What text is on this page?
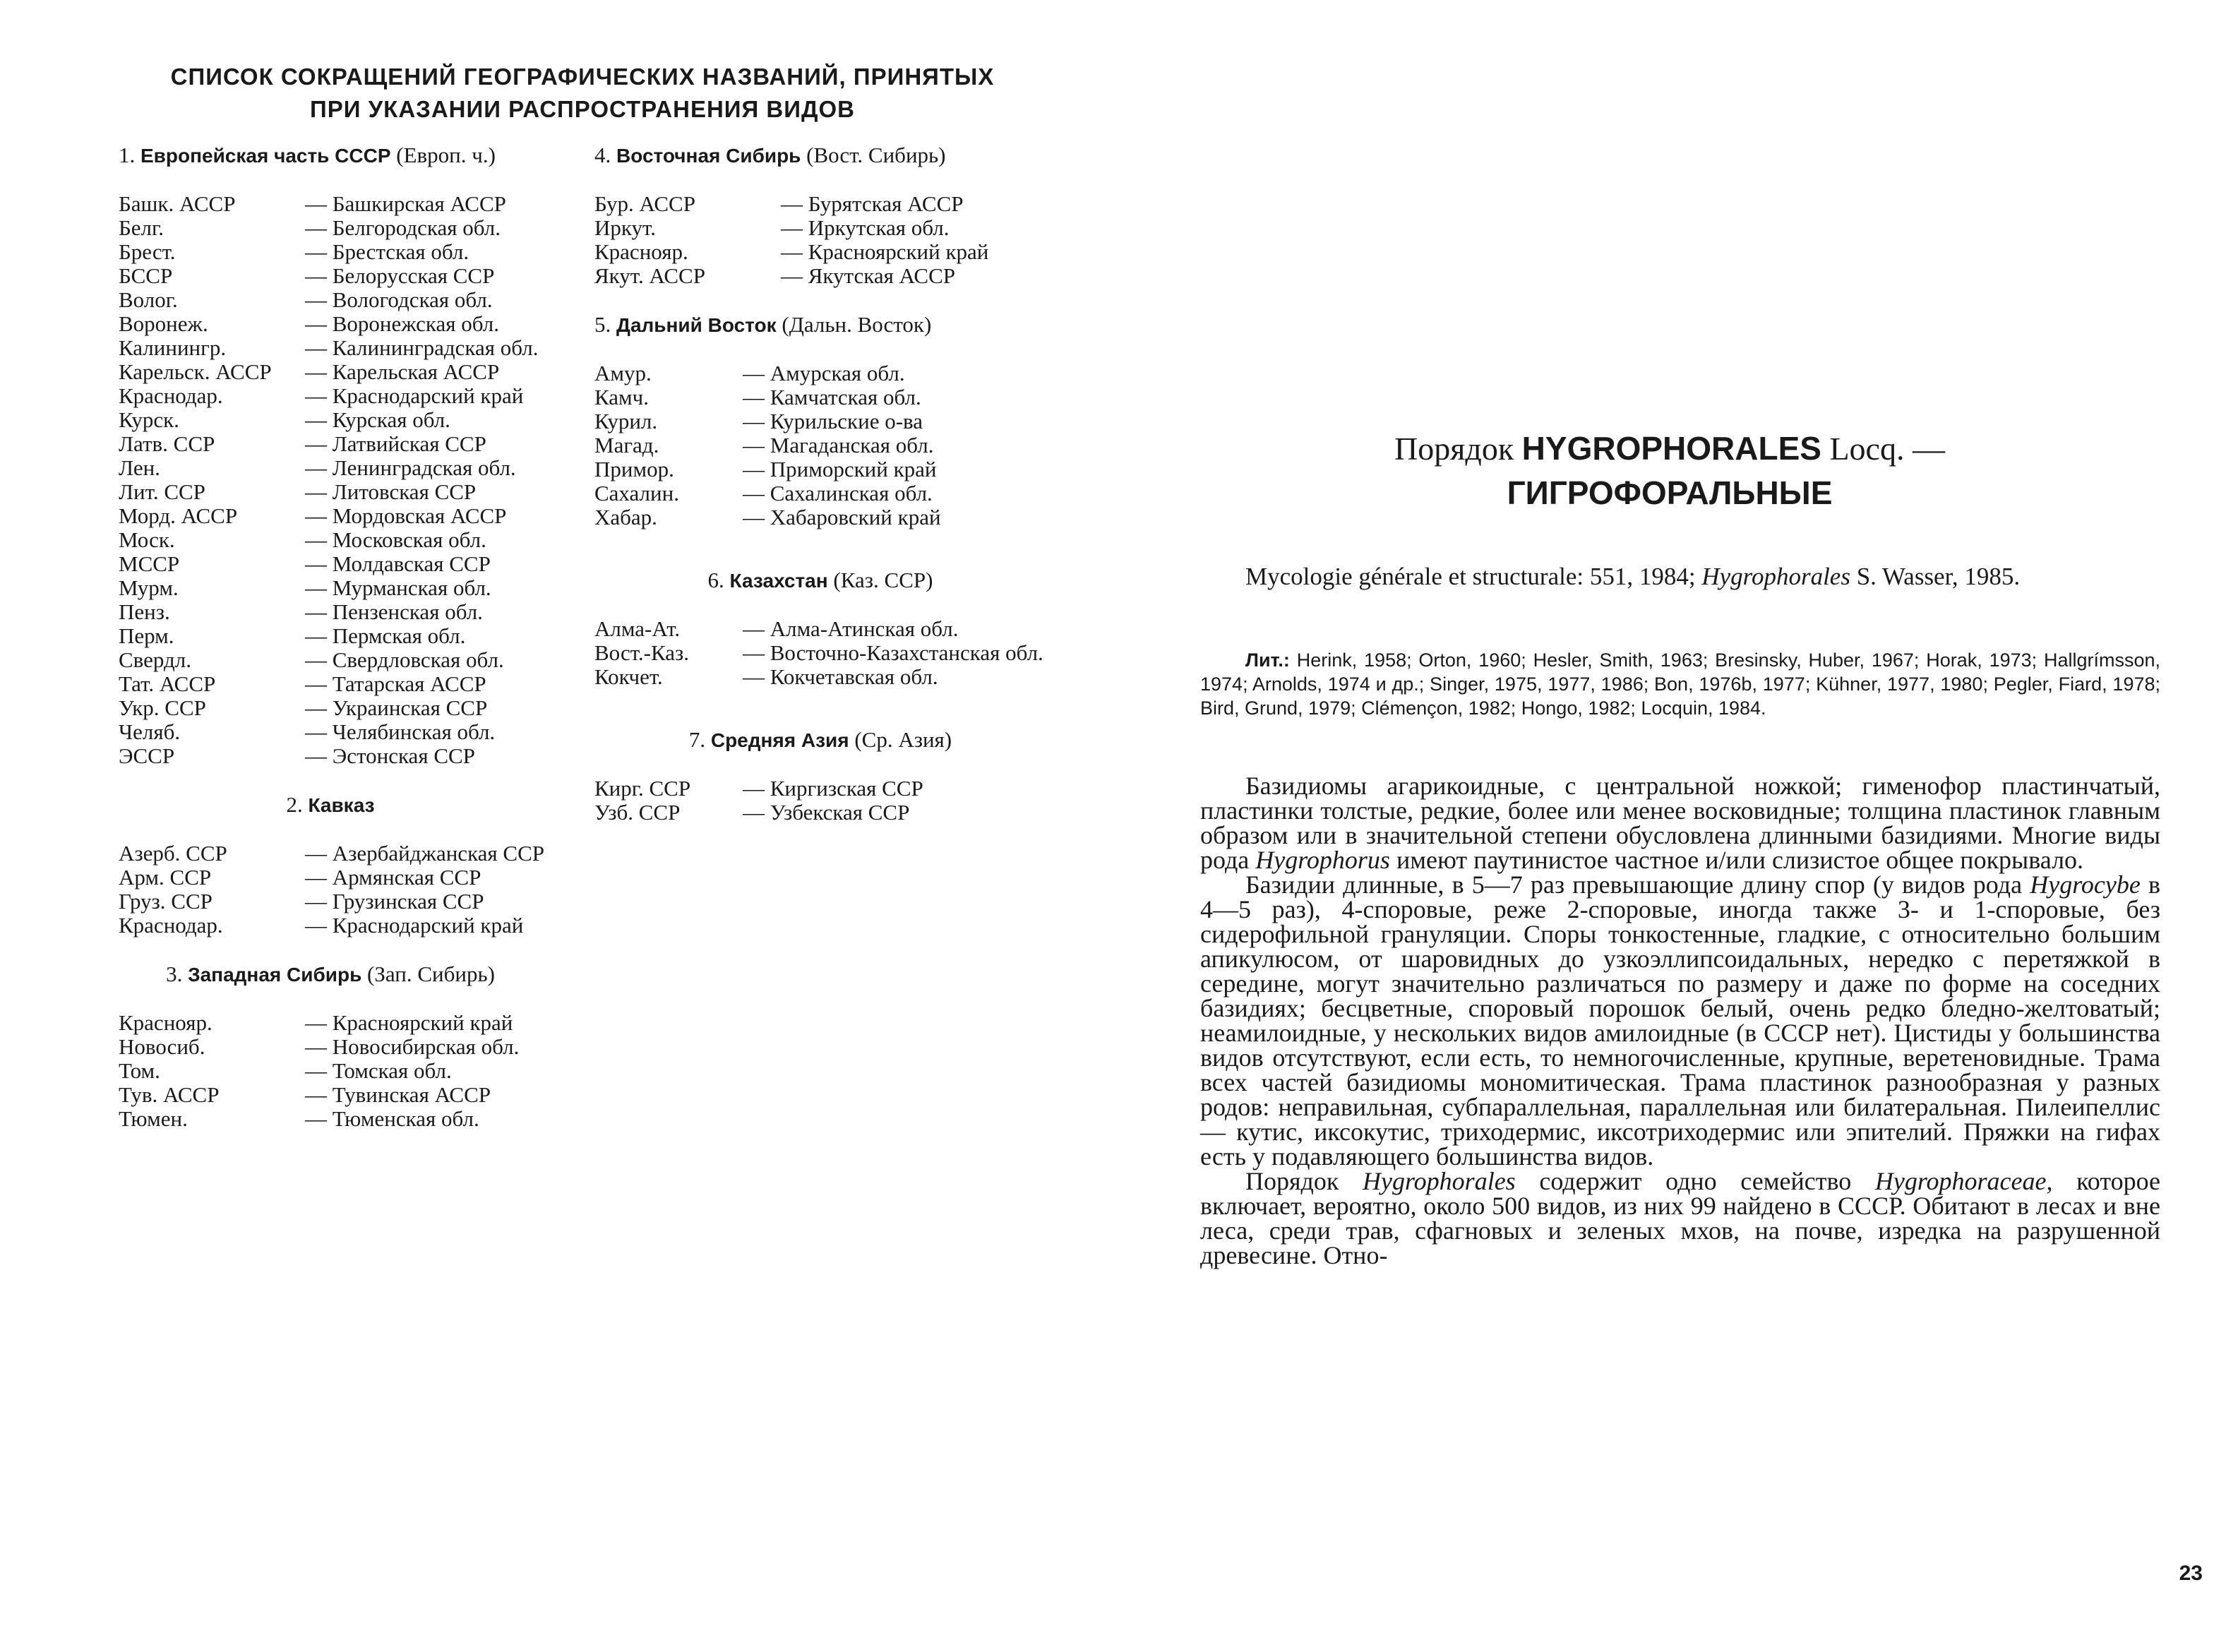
СПИСОК СОКРАЩЕНИЙ ГЕОГРАФИЧЕСКИХ НАЗВАНИЙ, ПРИНЯТЫХ
ПРИ УКАЗАНИИ РАСПРОСТРАНЕНИЯ ВИДОВ
1. Европейская часть СССР (Европ. ч.)
Башк. АССР	— Башкирская АССР
Белг.	— Белгородская обл.
Брест.	— Брестская обл.
БССР	— Белорусская ССР
Волог.	— Вологодская обл.
Воронеж.	— Воронежская обл.
Калинингр.	— Калининградская обл.
Карельск. АССР	— Карельская АССР
Краснодар.	— Краснодарский край
Курск.	— Курская обл.
Латв. ССР	— Латвийская ССР
Лен.	— Ленинградская обл.
Лит. ССР	— Литовская ССР
Морд. АССР	— Мордовская АССР
Моск.	— Московская обл.
МССР	— Молдавская ССР
Мурм.	— Мурманская обл.
Пенз.	— Пензенская обл.
Перм.	— Пермская обл.
Свердл.	— Свердловская обл.
Тат. АССР	— Татарская АССР
Укр. ССР	— Украинская ССР
Челяб.	— Челябинская обл.
ЭССР	— Эстонская ССР
2. Кавказ
Азерб. ССР	— Азербайджанская ССР
Арм. ССР	— Армянская ССР
Груз. ССР	— Грузинская ССР
Краснодар.	— Краснодарский край
3. Западная Сибирь (Зап. Сибирь)
Краснояр.	— Красноярский край
Новосиб.	— Новосибирская обл.
Том.	— Томская обл.
Тув. АССР	— Тувинская АССР
Тюмен.	— Тюменская обл.
4. Восточная Сибирь (Вост. Сибирь)
Бур. АССР	— Бурятская АССР
Иркут.	— Иркутская обл.
Краснояр.	— Красноярский край
Якут. АССР	— Якутская АССР
5. Дальний Восток (Дальн. Восток)
Амур.	— Амурская обл.
Камч.	— Камчатская обл.
Курил.	— Курильские о-ва
Магад.	— Магаданская обл.
Примор.	— Приморский край
Сахалин.	— Сахалинская обл.
Хабар.	— Хабаровский край
6. Казахстан (Каз. ССР)
Алма-Ат.	— Алма-Атинская обл.
Вост.-Каз.	— Восточно-Казахстанская обл.
Кокчет.	— Кокчетавская обл.
7. Средняя Азия (Ср. Азия)
Кирг. ССР	— Киргизская ССР
Узб. ССР	— Узбекская ССР
Порядок HYGROPHORALES Locq. —
ГИГРОФОРАЛЬНЫЕ
Mycologie générale et structurale: 551, 1984; Hygrophorales S. Wasser, 1985.
Лит.: Herink, 1958; Orton, 1960; Hesler, Smith, 1963; Bresinsky, Huber, 1967; Horak, 1973; Hallgrímsson, 1974; Arnolds, 1974 и др.; Singer, 1975, 1977, 1986; Bon, 1976b, 1977; Kühner, 1977, 1980; Pegler, Fiard, 1978; Bird, Grund, 1979; Clémençon, 1982; Hongo, 1982; Locquin, 1984.

Базидиомы агарикоидные, с центральной ножкой; гименофор пластинчатый, пластинки толстые, редкие, более или менее восковидные; толщина пластинок главным образом или в значительной степени обусловлена длинными базидиями. Многие виды рода Hygrophorus имеют паутинистое частное и/или слизистое общее покрывало.

Базидии длинные, в 5—7 раз превышающие длину спор (у видов рода Hygrocybe в 4—5 раз), 4-споровые, реже 2-споровые, иногда также 3- и 1-споровые, без сидерофильной грануляции. Споры тонкостенные, гладкие, с относительно большим апикулюсом, от шаровидных до узкоэллипсоидальных, нередко с перетяжкой в середине, могут значительно различаться по размеру и даже по форме на соседних базидиях; бесцветные, споровый порошок белый, очень редко бледно-желтоватый; неамилоидные, у нескольких видов амилоидные (в СССР нет). Цистиды у большинства видов отсутствуют, если есть, то немногочисленные, крупные, веретеновидные. Трама всех частей базидиомы мономитическая. Трама пластинок разнообразная у разных родов: неправильная, субпараллельная, параллельная или билатеральная. Пилеипеллис — кутис, иксокутис, триходермис, иксотриходермис или эпителий. Пряжки на гифах есть у подавляющего большинства видов.

Порядок Hygrophorales содержит одно семейство Hygrophoraceae, которое включает, вероятно, около 500 видов, из них 99 найдено в СССР. Обитают в лесах и вне леса, среди трав, сфагновых и зеленых мхов, на почве, изредка на разрушенной древесине. Отно-

23
